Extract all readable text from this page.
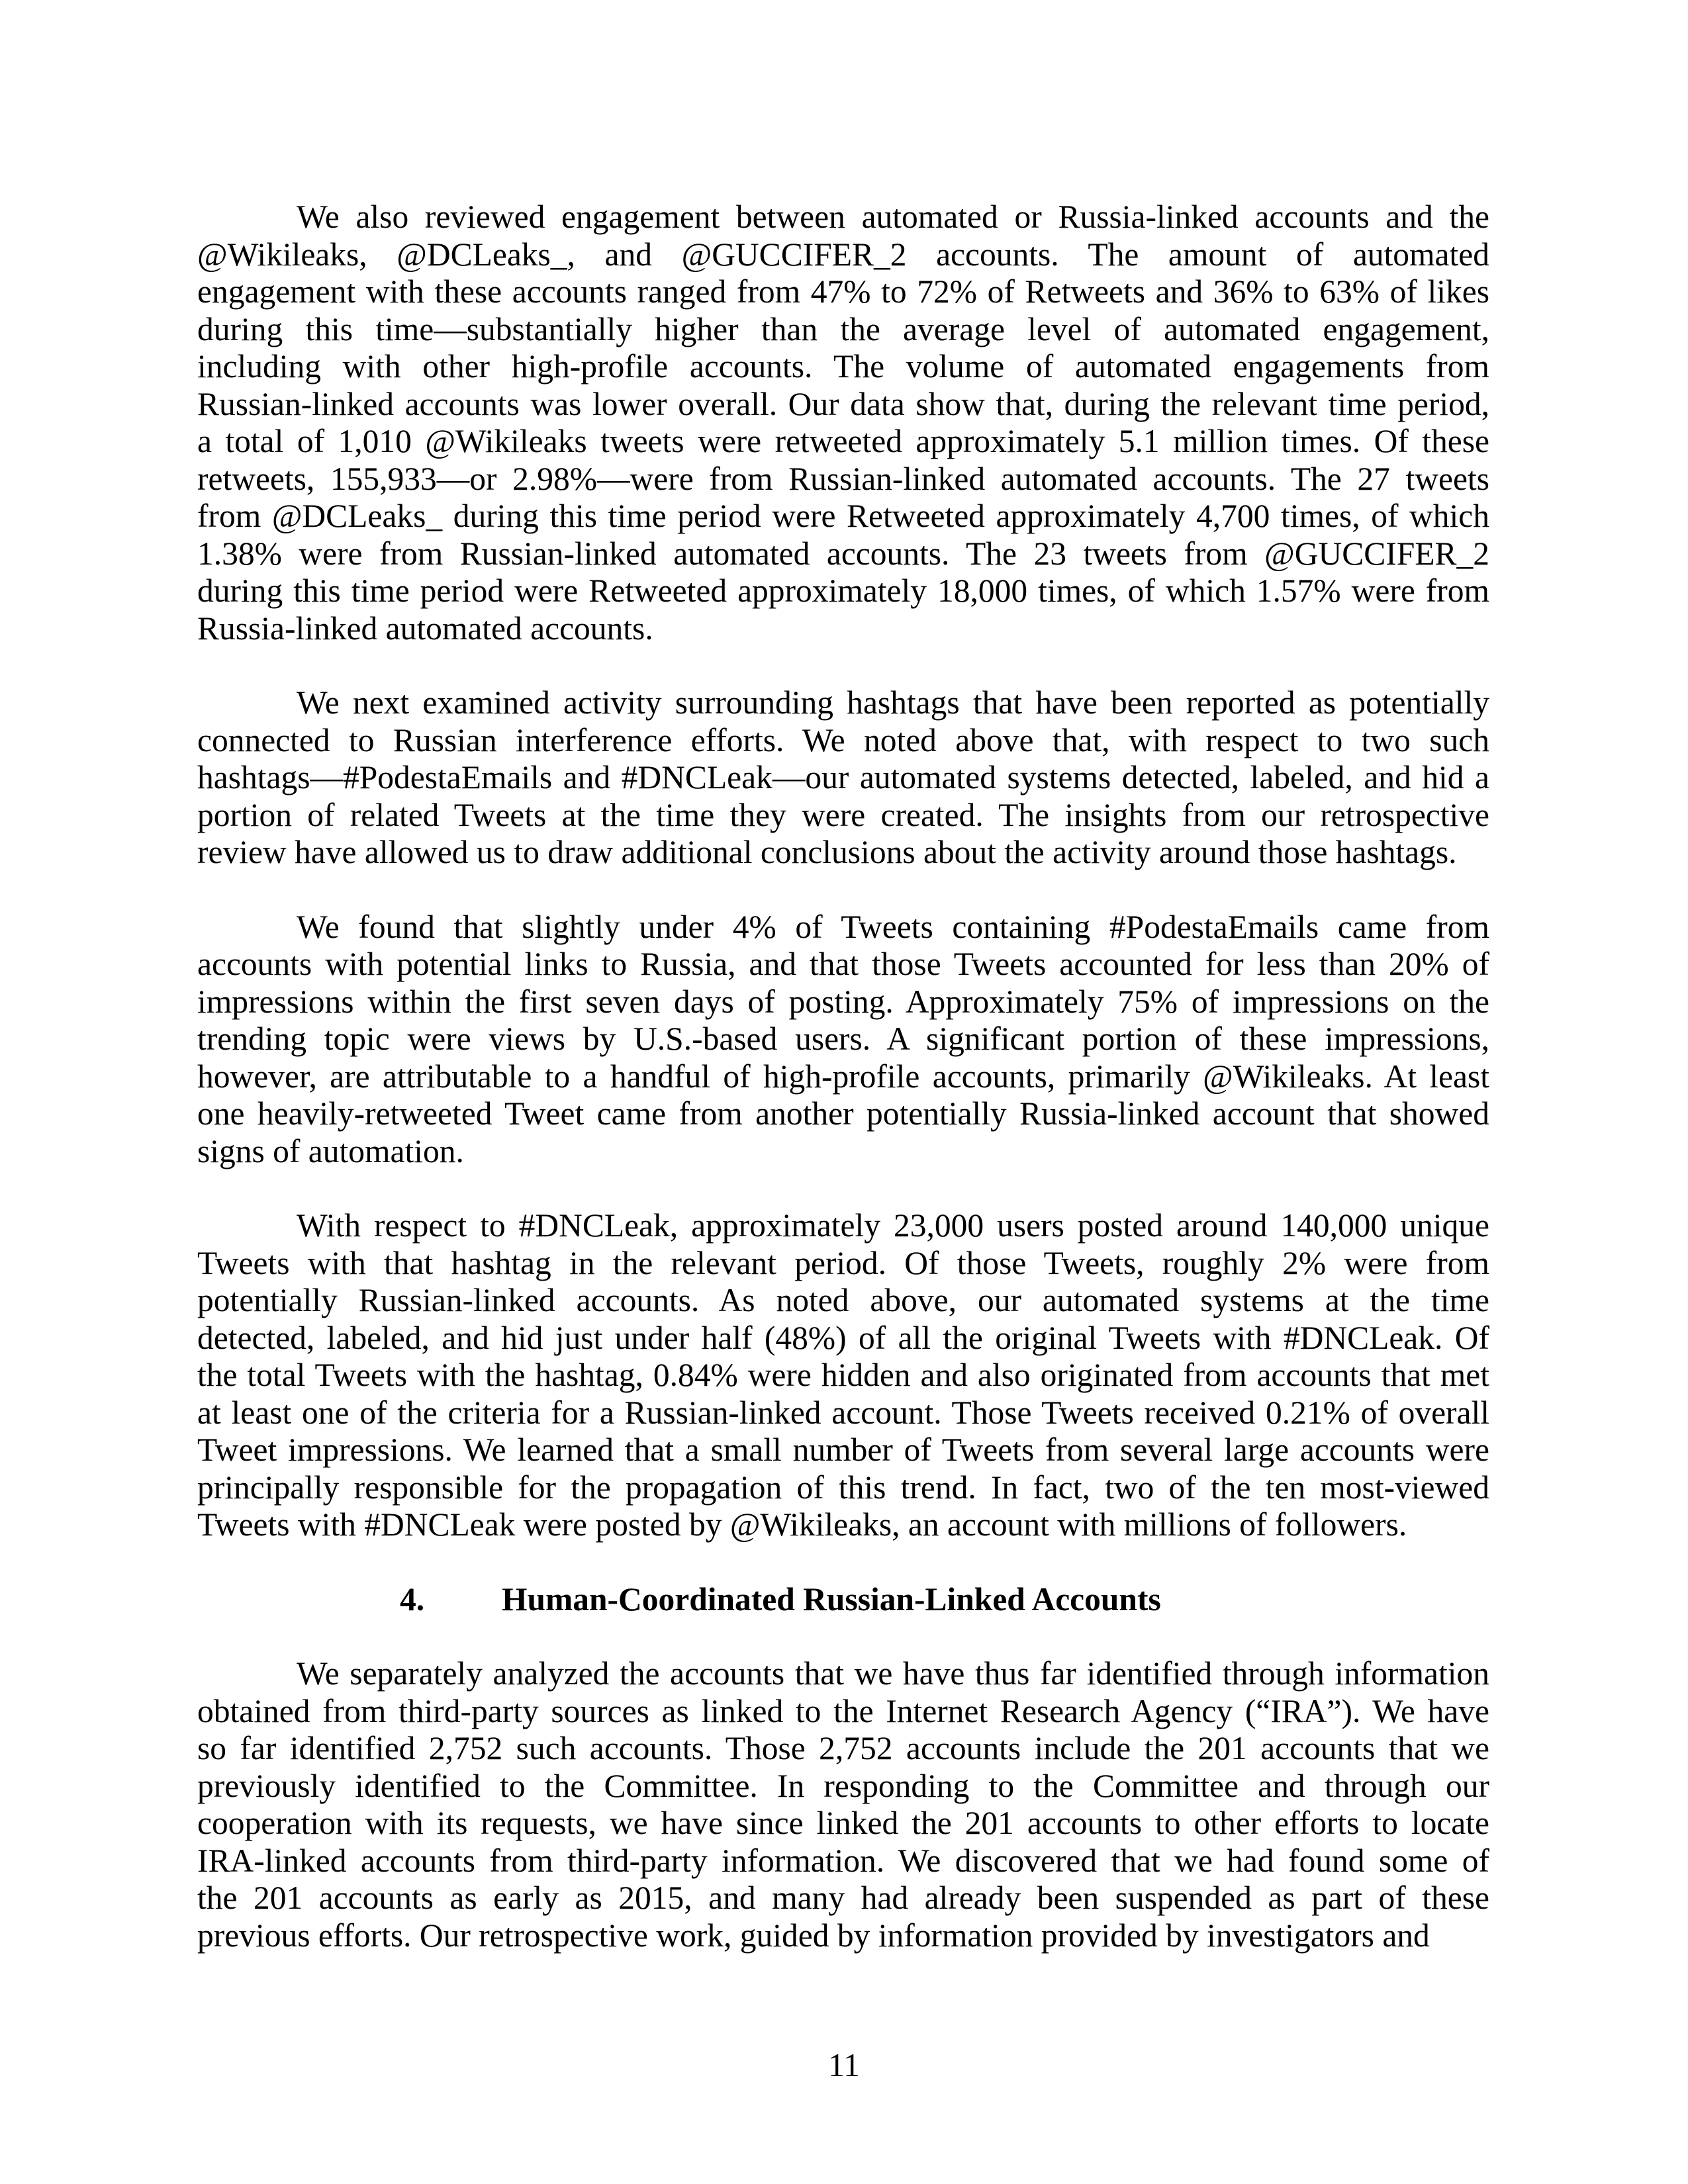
We also reviewed engagement between automated or Russia-linked accounts and the
@Wikileaks, @DCLeaks_, and @GUCCIFER_2 accounts. The amount of automated
engagement with these accounts ranged from 47% to 72% of Retweets and 36% to 63% of likes
during this time—substantially higher than the average level of automated engagement,
including with other high-profile accounts. The volume of automated engagements from
Russian-linked accounts was lower overall. Our data show that, during the relevant time period,
a total of 1,010 @Wikileaks tweets were retweeted approximately 5.1 million times. Of these
retweets, 155,933—or 2.98%—were from Russian-linked automated accounts. The 27 tweets
from @DCLeaks_ during this time period were Retweeted approximately 4,700 times, of which
1.38% were from Russian-linked automated accounts. The 23 tweets from @GUCCIFER_2
during this time period were Retweeted approximately 18,000 times, of which 1.57% were from
Russia-linked automated accounts.
We next examined activity surrounding hashtags that have been reported as potentially
connected to Russian interference efforts. We noted above that, with respect to two such
hashtags—#PodestaEmails and #DNCLeak—our automated systems detected, labeled, and hid a
portion of related Tweets at the time they were created. The insights from our retrospective
review have allowed us to draw additional conclusions about the activity around those hashtags.
We found that slightly under 4% of Tweets containing #PodestaEmails came from
accounts with potential links to Russia, and that those Tweets accounted for less than 20% of
impressions within the first seven days of posting. Approximately 75% of impressions on the
trending topic were views by U.S.-based users. A significant portion of these impressions,
however, are attributable to a handful of high-profile accounts, primarily @Wikileaks. At least
one heavily-retweeted Tweet came from another potentially Russia-linked account that showed
signs of automation.
With respect to #DNCLeak, approximately 23,000 users posted around 140,000 unique
Tweets with that hashtag in the relevant period. Of those Tweets, roughly 2% were from
potentially Russian-linked accounts. As noted above, our automated systems at the time
detected, labeled, and hid just under half (48%) of all the original Tweets with #DNCLeak. Of
the total Tweets with the hashtag, 0.84% were hidden and also originated from accounts that met
at least one of the criteria for a Russian-linked account. Those Tweets received 0.21% of overall
Tweet impressions. We learned that a small number of Tweets from several large accounts were
principally responsible for the propagation of this trend. In fact, two of the ten most-viewed
Tweets with #DNCLeak were posted by @Wikileaks, an account with millions of followers.
4. Human-Coordinated Russian-Linked Accounts
We separately analyzed the accounts that we have thus far identified through information
obtained from third-party sources as linked to the Internet Research Agency (“IRA”). We have
so far identified 2,752 such accounts. Those 2,752 accounts include the 201 accounts that we
previously identified to the Committee. In responding to the Committee and through our
cooperation with its requests, we have since linked the 201 accounts to other efforts to locate
IRA-linked accounts from third-party information. We discovered that we had found some of
the 201 accounts as early as 2015, and many had already been suspended as part of these
previous efforts. Our retrospective work, guided by information provided by investigators and
11
